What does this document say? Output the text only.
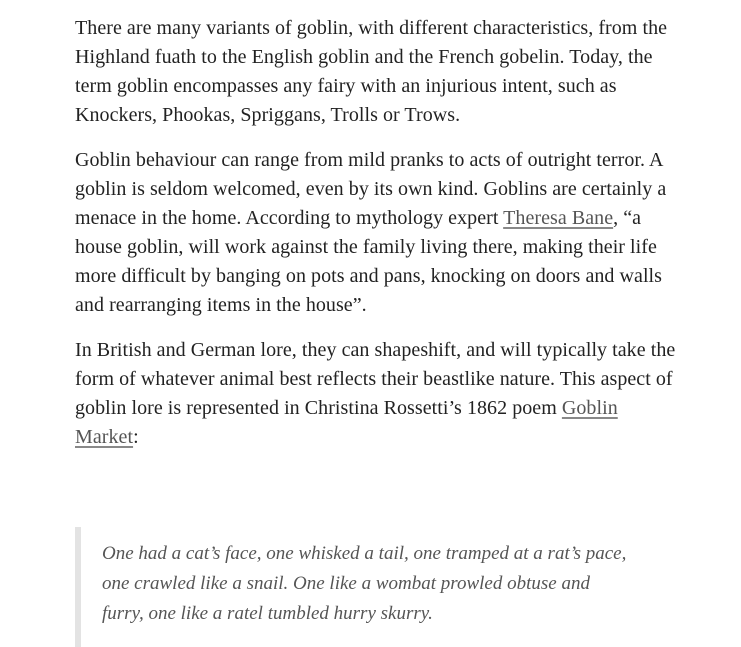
There are many variants of goblin, with different characteristics, from the Highland fuath to the English goblin and the French gobelin. Today, the term goblin encompasses any fairy with an injurious intent, such as Knockers, Phookas, Spriggans, Trolls or Trows.

Goblin behaviour can range from mild pranks to acts of outright terror. A goblin is seldom welcomed, even by its own kind. Goblins are certainly a menace in the home. According to mythology expert Theresa Bane, “a house goblin, will work against the family living there, making their life more difficult by banging on pots and pans, knocking on doors and walls and rearranging items in the house”.

In British and German lore, they can shapeshift, and will typically take the form of whatever animal best reflects their beastlike nature. This aspect of goblin lore is represented in Christina Rossetti’s 1862 poem Goblin Market:

One had a cat’s face, one whisked a tail, one tramped at a rat’s pace, one crawled like a snail. One like a wombat prowled obtuse and furry, one like a ratel tumbled hurry skurry.
